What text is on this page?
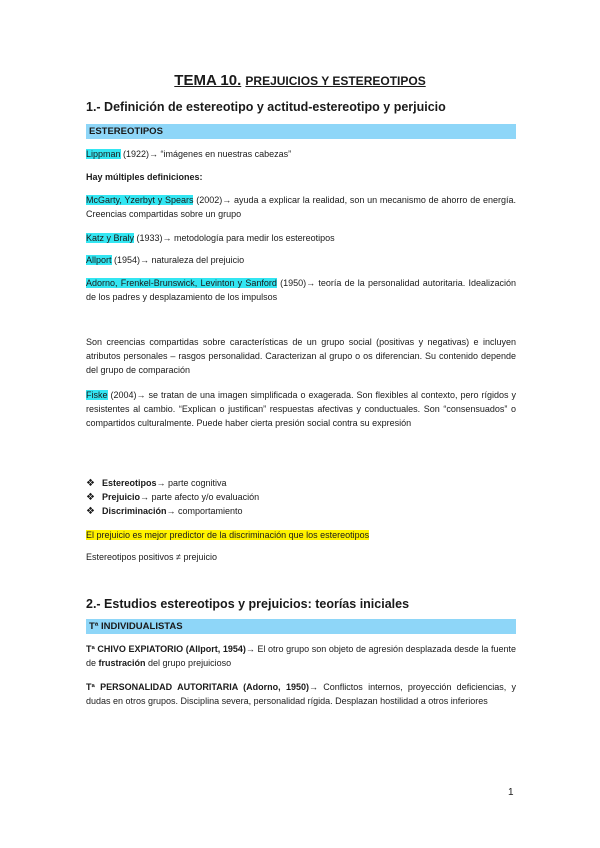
TEMA 10. PREJUICIOS Y ESTEREOTIPOS
1.- Definición de estereotipo y actitud-estereotipo y perjuicio
ESTEREOTIPOS
Lippman (1922)→ “imágenes en nuestras cabezas”
Hay múltiples definiciones:
McGarty, Yzerbyt y Spears (2002)→ ayuda a explicar la realidad, son un mecanismo de ahorro de energía. Creencias compartidas sobre un grupo
Katz y Braly (1933)→ metodología para medir los estereotipos
Allport (1954)→ naturaleza del prejuicio
Adorno, Frenkel-Brunswick, Levinton y Sanford (1950)→ teoría de la personalidad autoritaria. Idealización de los padres y desplazamiento de los impulsos
Son creencias compartidas sobre características de un grupo social (positivas y negativas) e incluyen atributos personales – rasgos personalidad. Caracterizan al grupo o os diferencian. Su contenido depende del grupo de comparación
Fiske (2004)→ se tratan de una imagen simplificada o exagerada. Son flexibles al contexto, pero rígidos y resistentes al cambio. “Explican o justifican” respuestas afectivas y conductuales. Son “consensuados” o compartidos culturalmente. Puede haber cierta presión social contra su expresión
❖ Estereotipos→ parte cognitiva
❖ Prejuicio→ parte afecto y/o evaluación
❖ Discriminación→ comportamiento
El prejuicio es mejor predictor de la discriminación que los estereotipos
Estereotipos positivos ≠ prejuicio
2.- Estudios estereotipos y prejuicios: teorías iniciales
Tª INDIVIDUALISTAS
Tª CHIVO EXPIATORIO (Allport, 1954)→ El otro grupo son objeto de agresión desplazada desde la fuente de frustración del grupo prejuicioso
Tª PERSONALIDAD AUTORITARIA (Adorno, 1950)→ Conflictos internos, proyección deficiencias, y dudas en otros grupos. Disciplina severa, personalidad rígida. Desplazan hostilidad a otros inferiores
1
